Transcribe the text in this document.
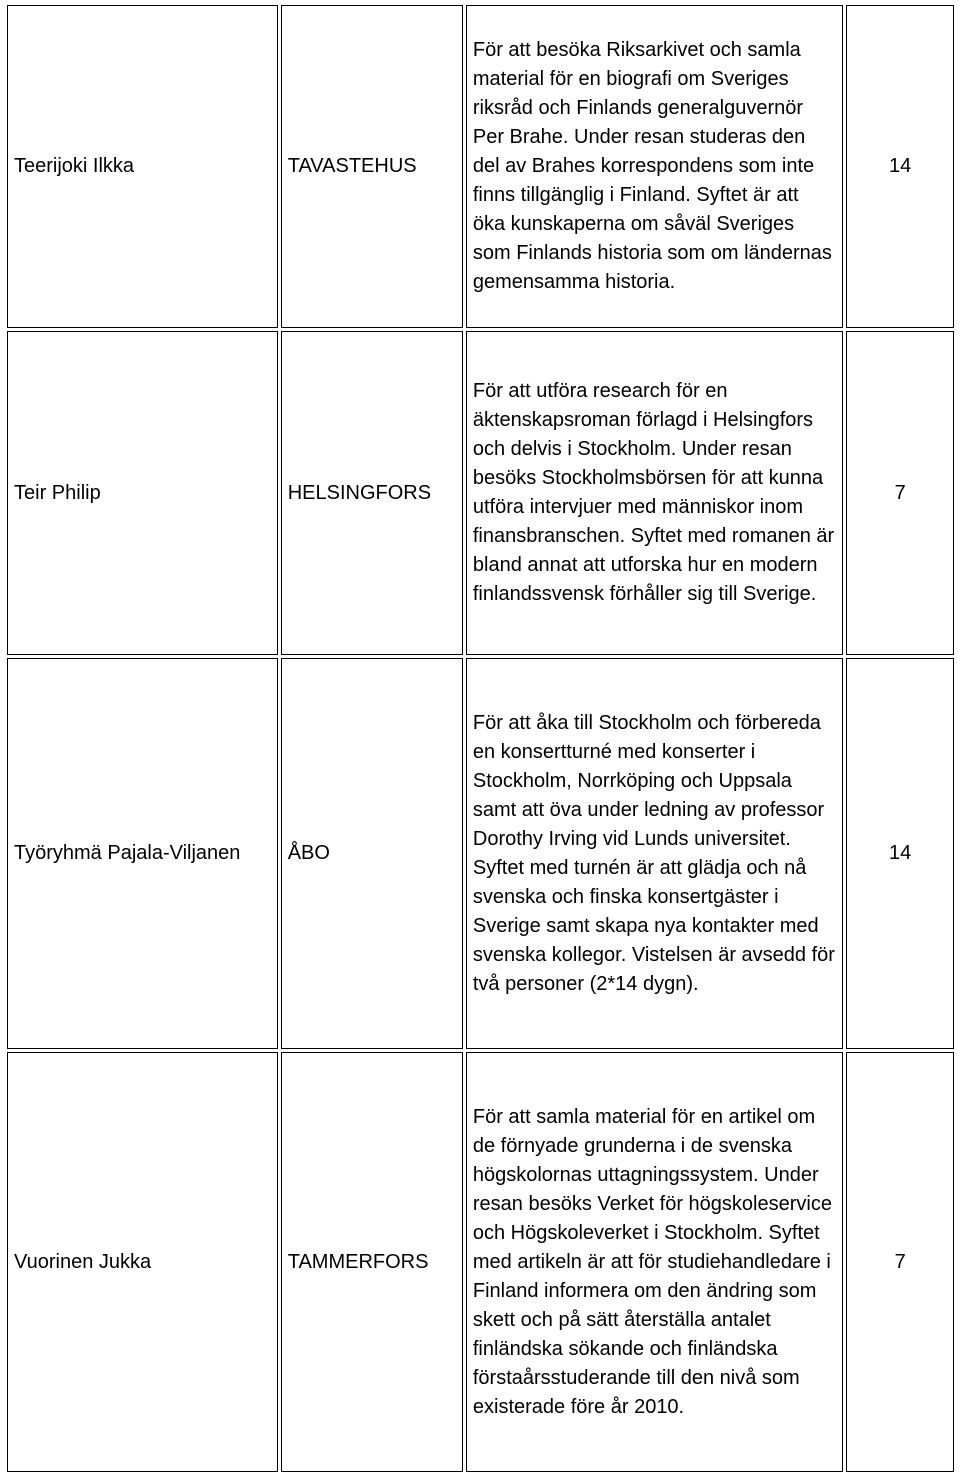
Teerijoki Ilkka	TAVASTEHUS	För att besöka Riksarkivet och samla material för en biografi om Sveriges riksråd och Finlands generalguvernör Per Brahe. Under resan studeras den del av Brahes korrespondens som inte finns tillgänglig i Finland. Syftet är att öka kunskaperna om såväl Sveriges som Finlands historia som om ländernas gemensamma historia.	14
Teir Philip	HELSINGFORS	För att utföra research för en äktenskapsroman förlagd i Helsingfors och delvis i Stockholm. Under resan besöks Stockholmsbörsen för att kunna utföra intervjuer med människor inom finansbranschen. Syftet med romanen är bland annat att utforska hur en modern finlandssvensk förhåller sig till Sverige.	7
Työryhmä Pajala-Viljanen	ÅBO	För att åka till Stockholm och förbereda en konsertturné med konserter i Stockholm, Norrköping och Uppsala samt att öva under ledning av professor Dorothy Irving vid Lunds universitet. Syftet med turnén är att glädja och nå svenska och finska konsertgäster i Sverige samt skapa nya kontakter med svenska kollegor. Vistelsen är avsedd för två personer (2*14 dygn).	14
Vuorinen Jukka	TAMMERFORS	För att samla material för en artikel om de förnyade grunderna i de svenska högskolornas uttagningssystem. Under resan besöks Verket för högskoleservice och Högskoleverket i Stockholm. Syftet med artikeln är att för studiehandledare i Finland informera om den ändring som skett och på sätt återställa antalet finländska sökande och finländska förstaårsstuderande till den nivå som existerade före år 2010.	7
